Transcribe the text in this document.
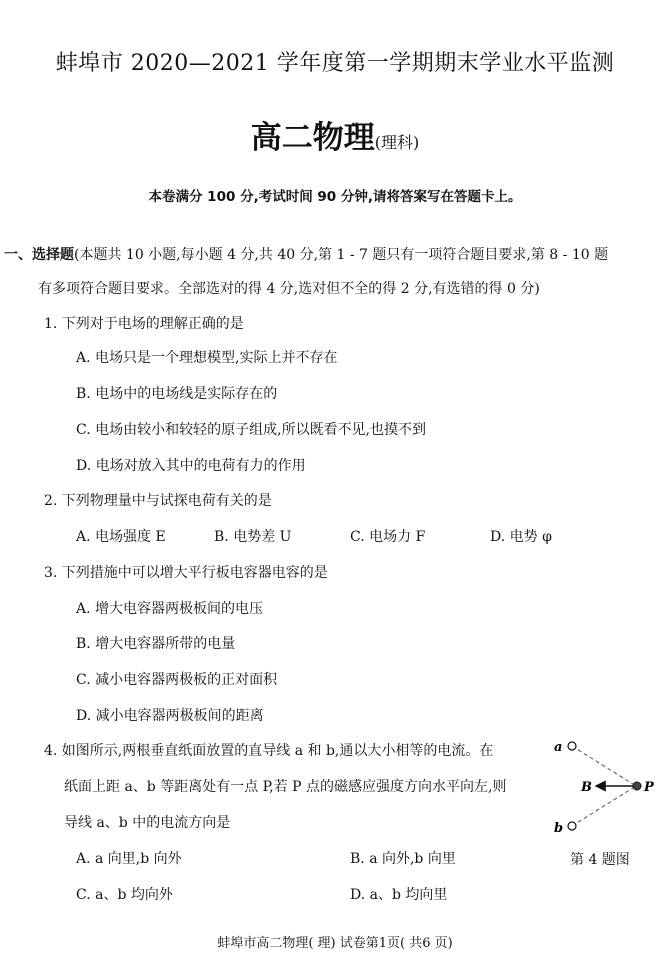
蚌埠市 2020—2021 学年度第一学期期末学业水平监测
高二物理(理科)
本卷满分 100 分,考试时间 90 分钟,请将答案写在答题卡上。
一、选择题(本题共 10 小题,每小题 4 分,共 40 分,第 1 - 7 题只有一项符合题目要求,第 8 - 10 题
有多项符合题目要求。全部选对的得 4 分,选对但不全的得 2 分,有选错的得 0 分)
1. 下列对于电场的理解正确的是
A. 电场只是一个理想模型,实际上并不存在
B. 电场中的电场线是实际存在的
C. 电场由较小和较轻的原子组成,所以既看不见,也摸不到
D. 电场对放入其中的电荷有力的作用
2. 下列物理量中与试探电荷有关的是
A. 电场强度 E	B. 电势差 U	C. 电场力 F	D. 电势 φ
3. 下列措施中可以增大平行板电容器电容的是
A. 增大电容器两极板间的电压
B. 增大电容器所带的电量
C. 减小电容器两极板的正对面积
D. 减小电容器两极板间的距离
4. 如图所示,两根垂直纸面放置的直导线 a 和 b,通以大小相等的电流。在
纸面上距 a、b 等距离处有一点 P,若 P 点的磁感应强度方向水平向左,则
导线 a、b 中的电流方向是
A. a 向里,b 向外	B. a 向外,b 向里
C. a、b 均向外	D. a、b 均向里
a
b
B	P
第 4 题图
蚌埠市高二物理( 理) 试卷第1页( 共6 页)
